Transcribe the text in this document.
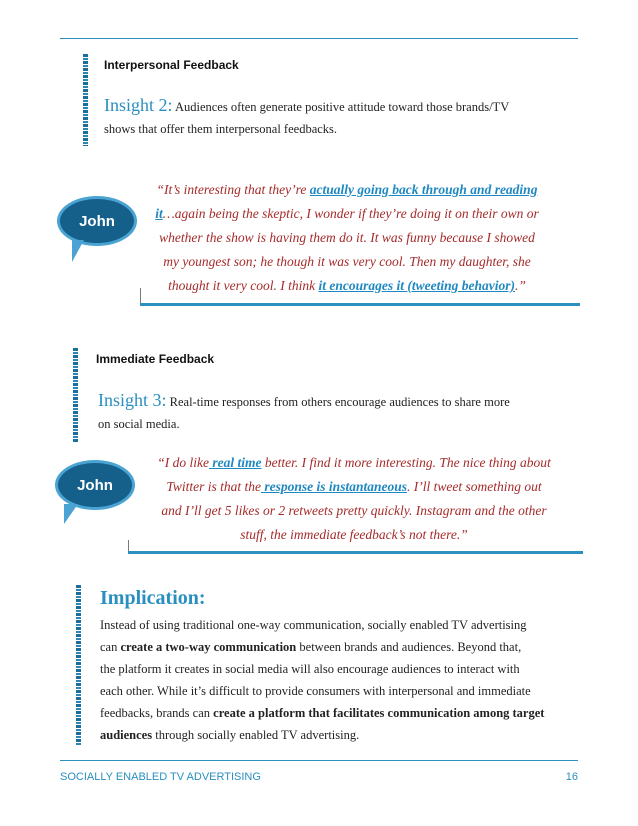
Interpersonal Feedback
Insight 2: Audiences often generate positive attitude toward those brands/TV
shows that offer them interpersonal feedbacks.
John
“It’s interesting that they’re actually going back through and reading
it…again being the skeptic, I wonder if they’re doing it on their own or
whether the show is having them do it. It was funny because I showed
my youngest son; he though it was very cool. Then my daughter, she
thought it very cool. I think it encourages it (tweeting behavior).”
Immediate Feedback
Insight 3: Real-time responses from others encourage audiences to share more
on social media.
John
“I do like real time better. I find it more interesting. The nice thing about
Twitter is that the response is instantaneous. I’ll tweet something out
and I’ll get 5 likes or 2 retweets pretty quickly. Instagram and the other
stuff, the immediate feedback’s not there.”
Implication:
Instead of using traditional one-way communication, socially enabled TV advertising
can create a two-way communication between brands and audiences. Beyond that,
the platform it creates in social media will also encourage audiences to interact with
each other. While it’s difficult to provide consumers with interpersonal and immediate
feedbacks, brands can create a platform that facilitates communication among target
audiences through socially enabled TV advertising.
SOCIALLY ENABLED TV ADVERTISING	16
